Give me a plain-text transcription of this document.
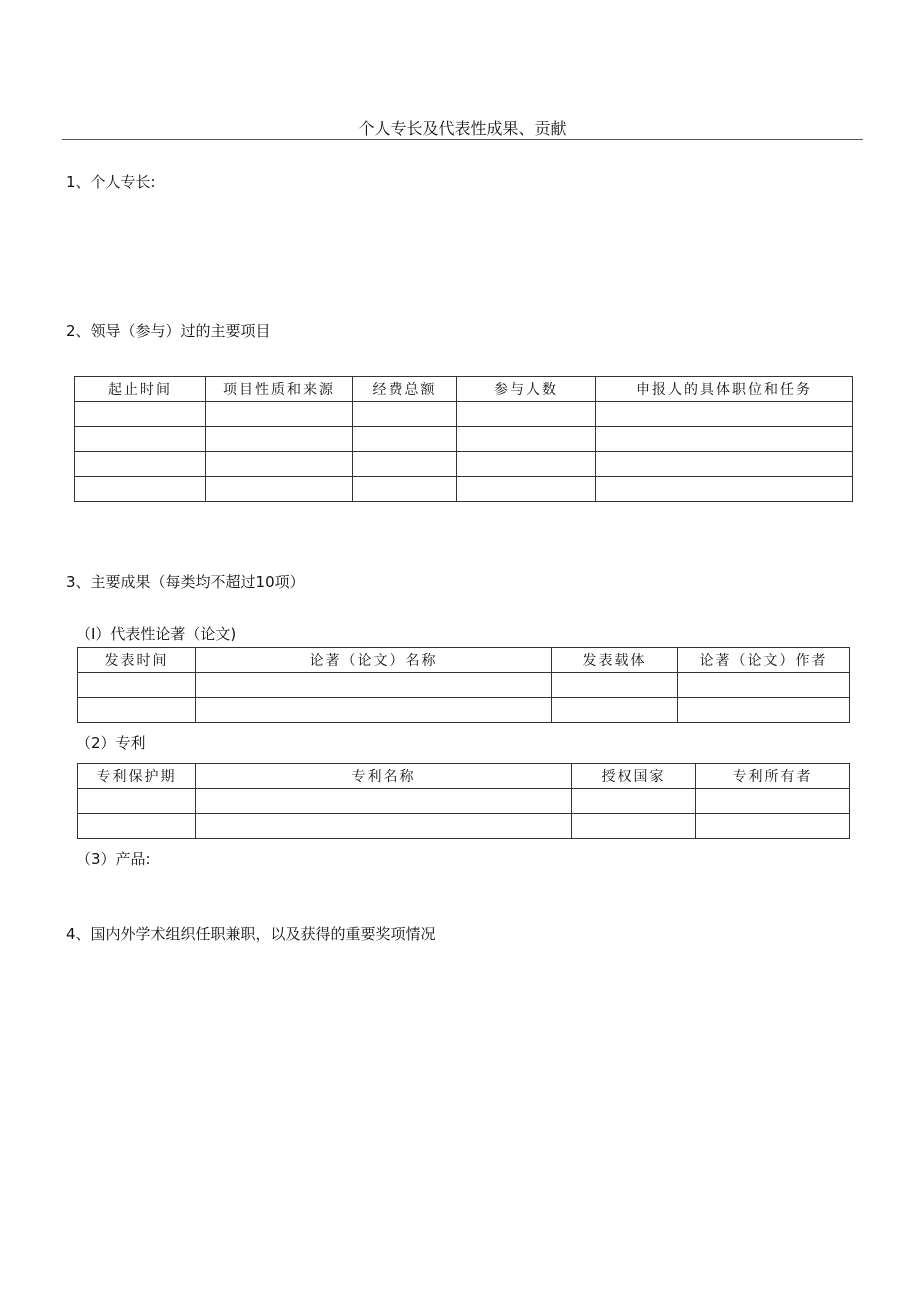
个人专长及代表性成果、贡献
1、个人专长:
2、领导（参与）过的主要项目
起止时间	项目性质和来源	经费总额	参与人数	申报人的具体职位和任务

3、主要成果（每类均不超过10项）
（I）代表性论著（论文)
发表时间	论著（论文）名称	发表载体	论著（论文）作者

（2）专利
专利保护期	专利名称	授权国家	专利所有者

（3）产品:
4、国内外学术组织任职兼职，以及获得的重要奖项情况
